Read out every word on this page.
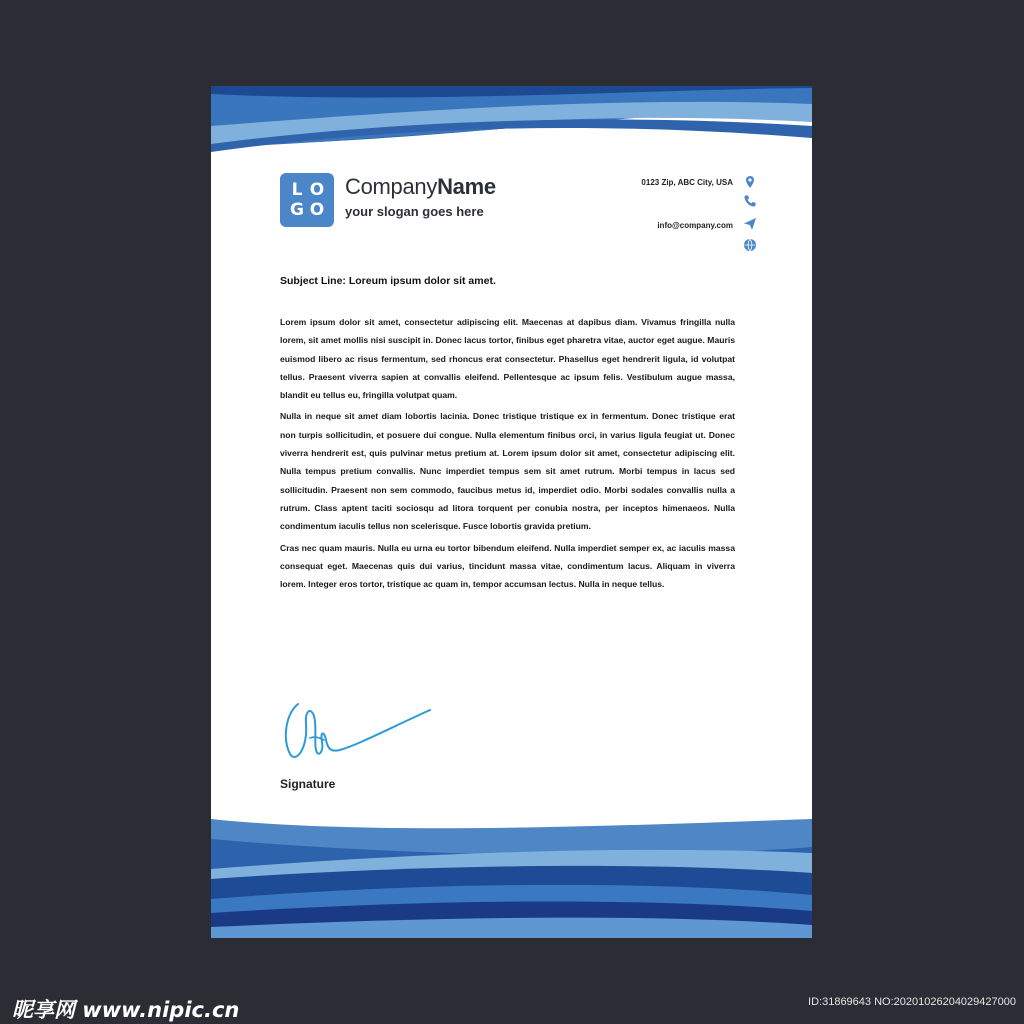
L O
G O
CompanyName
your slogan goes here
0123 Zip, ABC City, USA
info@company.com
Subject Line: Loreum ipsum dolor sit amet.

Lorem ipsum dolor sit amet, consectetur adipiscing elit. Maecenas at dapibus diam. Vivamus fringilla nulla lorem, sit amet mollis nisi suscipit in. Donec lacus tortor, finibus eget pharetra vitae, auctor eget augue. Mauris euismod libero ac risus fermentum, sed rhoncus erat consectetur. Phasellus eget hendrerit ligula, id volutpat tellus. Praesent viverra sapien at convallis eleifend. Pellentesque ac ipsum felis. Vestibulum augue massa, blandit eu tellus eu, fringilla volutpat quam.

Nulla in neque sit amet diam lobortis lacinia. Donec tristique tristique ex in fermentum. Donec tristique erat non turpis sollicitudin, et posuere dui congue. Nulla elementum finibus orci, in varius ligula feugiat ut. Donec viverra hendrerit est, quis pulvinar metus pretium at. Lorem ipsum dolor sit amet, consectetur adipiscing elit. Nulla tempus pretium convallis. Nunc imperdiet tempus sem sit amet rutrum. Morbi tempus in lacus sed sollicitudin. Praesent non sem commodo, faucibus metus id, imperdiet odio. Morbi sodales convallis nulla a rutrum. Class aptent taciti sociosqu ad litora torquent per conubia nostra, per inceptos himenaeos. Nulla condimentum iaculis tellus non scelerisque. Fusce lobortis gravida pretium.

Cras nec quam mauris. Nulla eu urna eu tortor bibendum eleifend. Nulla imperdiet semper ex, ac iaculis massa consequat eget. Maecenas quis dui varius, tincidunt massa vitae, condimentum lacus. Aliquam in viverra lorem. Integer eros tortor, tristique ac quam in, tempor accumsan lectus. Nulla in neque tellus.

Signature
昵享网 www.nipic.cn	ID:31869643 NO:20201026204029427000
